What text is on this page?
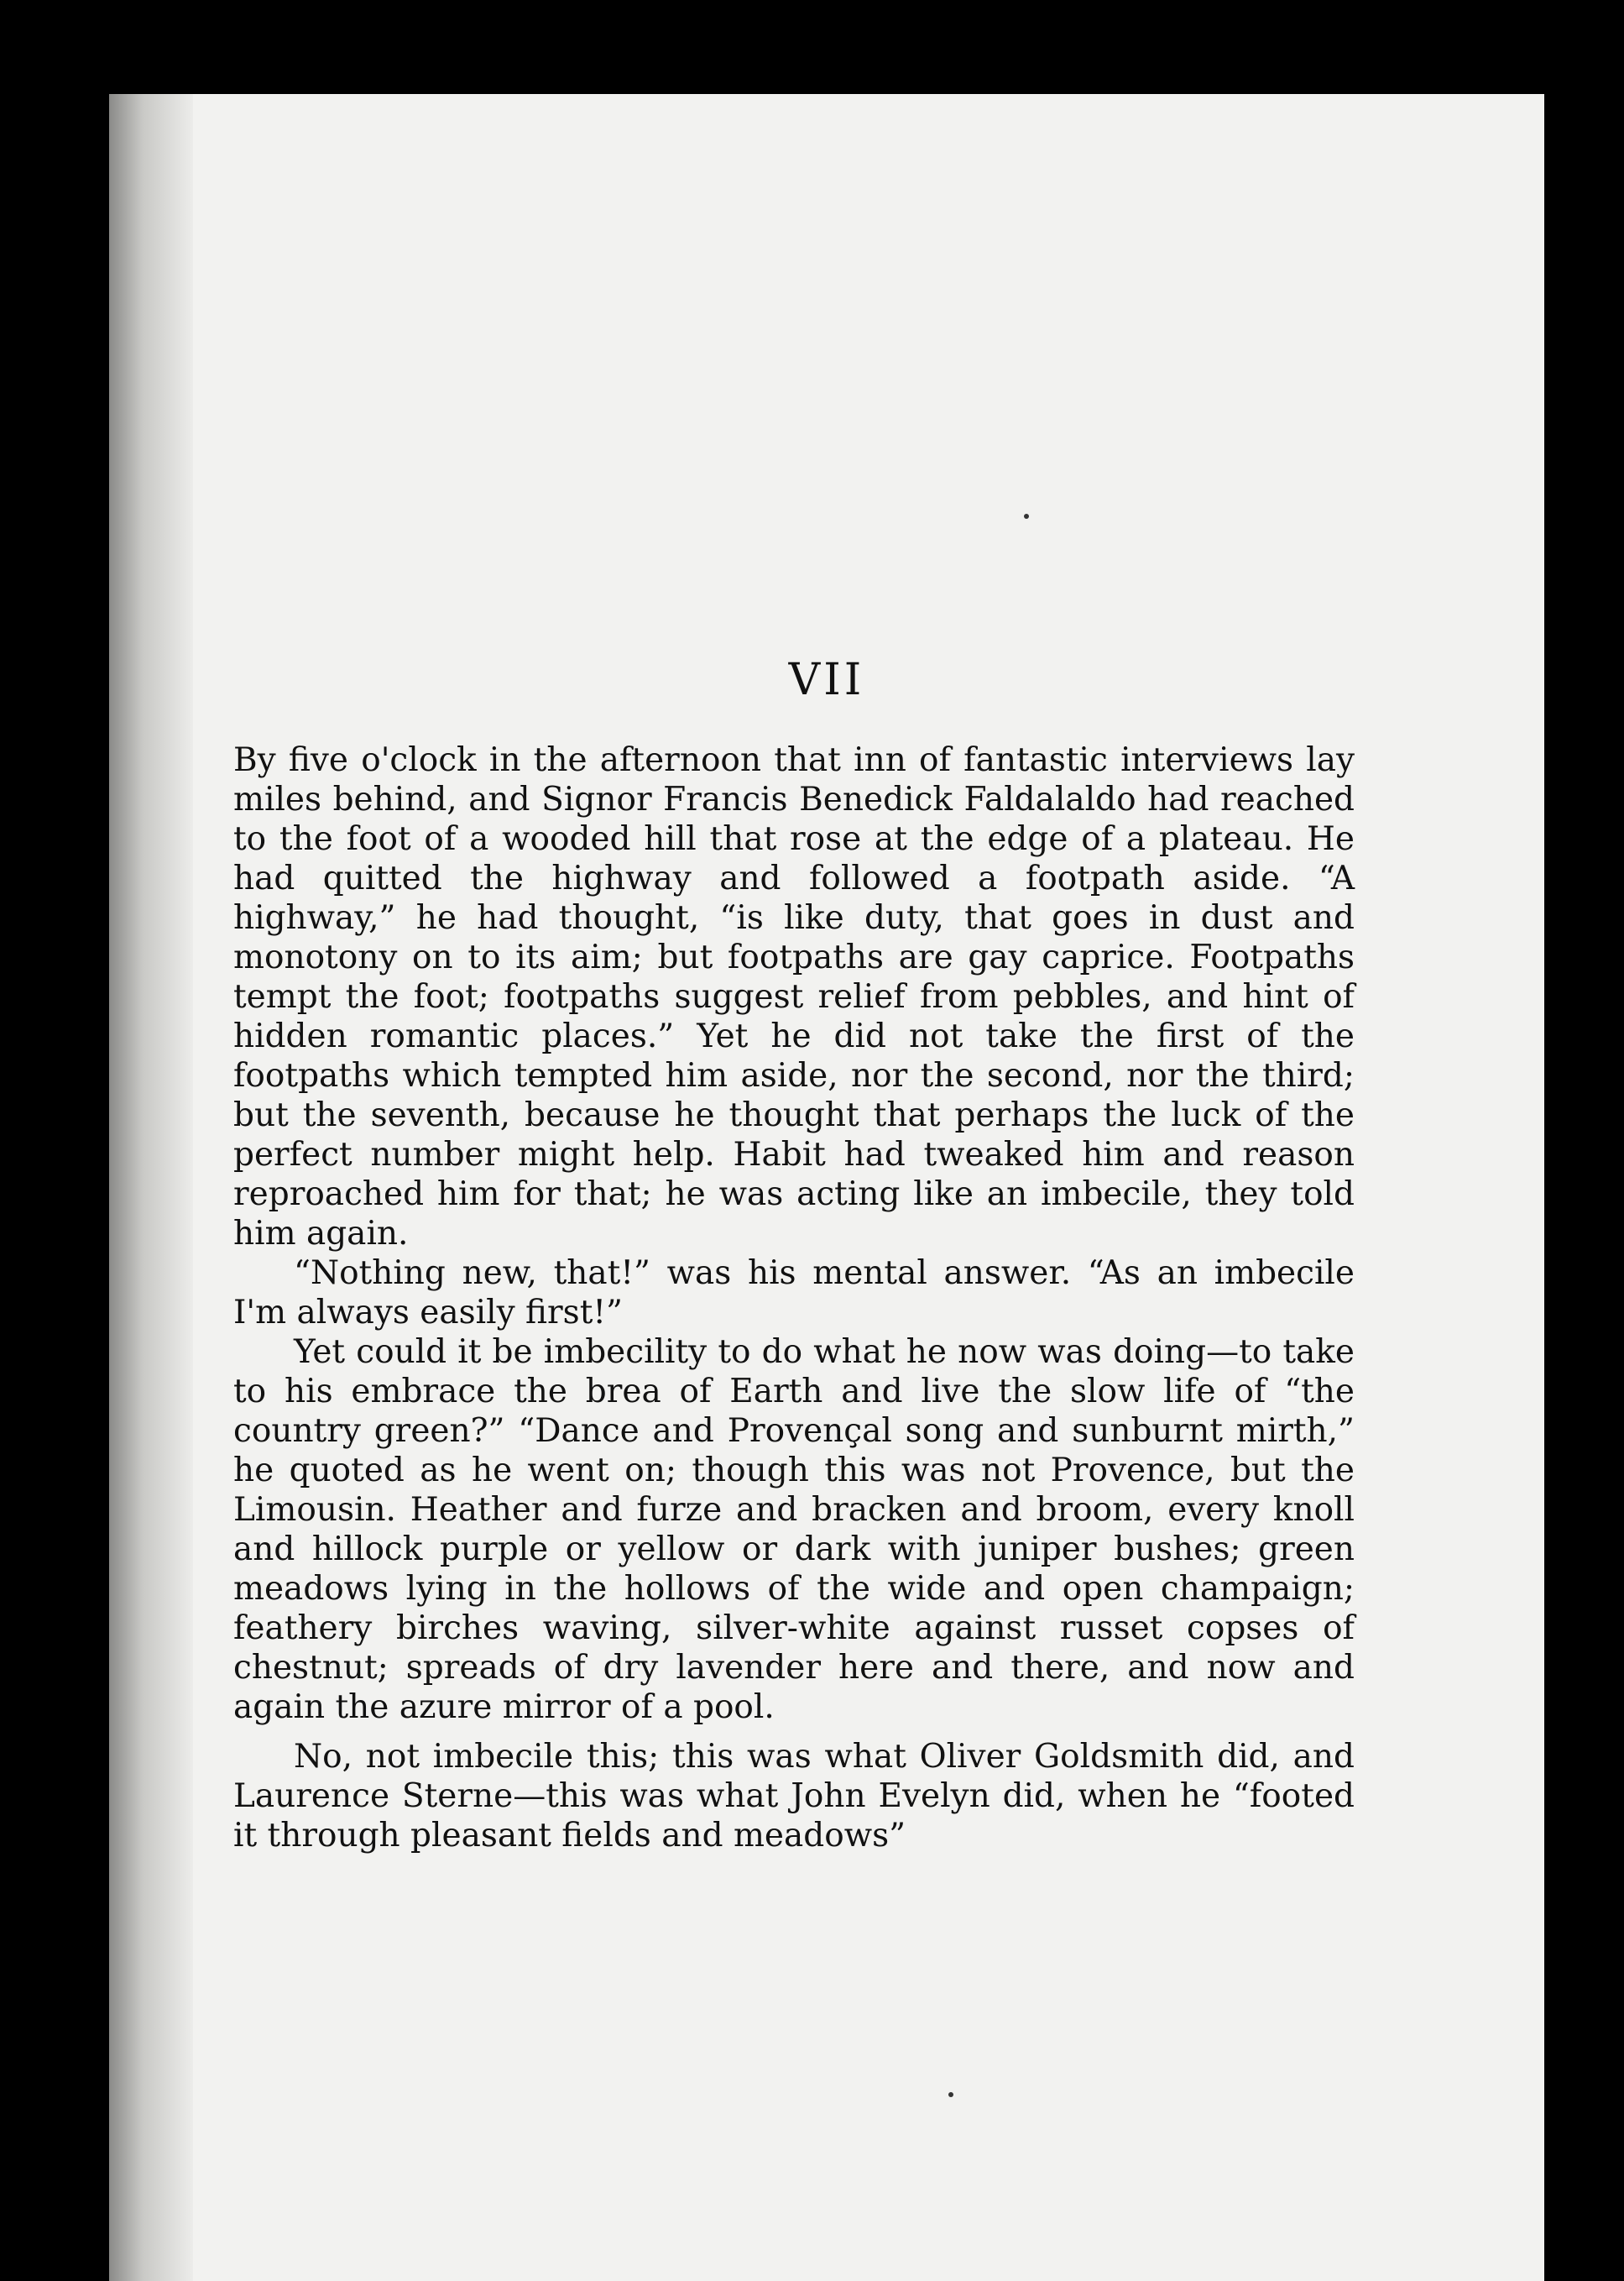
VII

By five o'clock in the afternoon that inn of fantastic interviews lay miles behind, and Signor Francis Benedick Faldalaldo had reached to the foot of a wooded hill that rose at the edge of a plateau. He had quitted the highway and followed a footpath aside. “A highway,” he had thought, “is like duty, that goes in dust and monotony on to its aim; but footpaths are gay caprice. Footpaths tempt the foot; footpaths suggest relief from pebbles, and hint of hidden romantic places.” Yet he did not take the first of the footpaths which tempted him aside, nor the second, nor the third; but the seventh, because he thought that perhaps the luck of the perfect number might help. Habit had tweaked him and reason reproached him for that; he was acting like an imbecile, they told him again.

“Nothing new, that!” was his mental answer. “As an imbecile I'm always easily first!”

Yet could it be imbecility to do what he now was doing—to take to his embrace the brea of Earth and live the slow life of “the country green?” “Dance and Provençal song and sunburnt mirth,” he quoted as he went on; though this was not Provence, but the Limousin. Heather and furze and bracken and broom, every knoll and hillock purple or yellow or dark with juniper bushes; green meadows lying in the hollows of the wide and open champaign; feathery birches waving, silver-white against russet copses of chestnut; spreads of dry lavender here and there, and now and again the azure mirror of a pool.

No, not imbecile this; this was what Oliver Goldsmith did, and Laurence Sterne—this was what John Evelyn did, when he “footed it through pleasant fields and meadows”
